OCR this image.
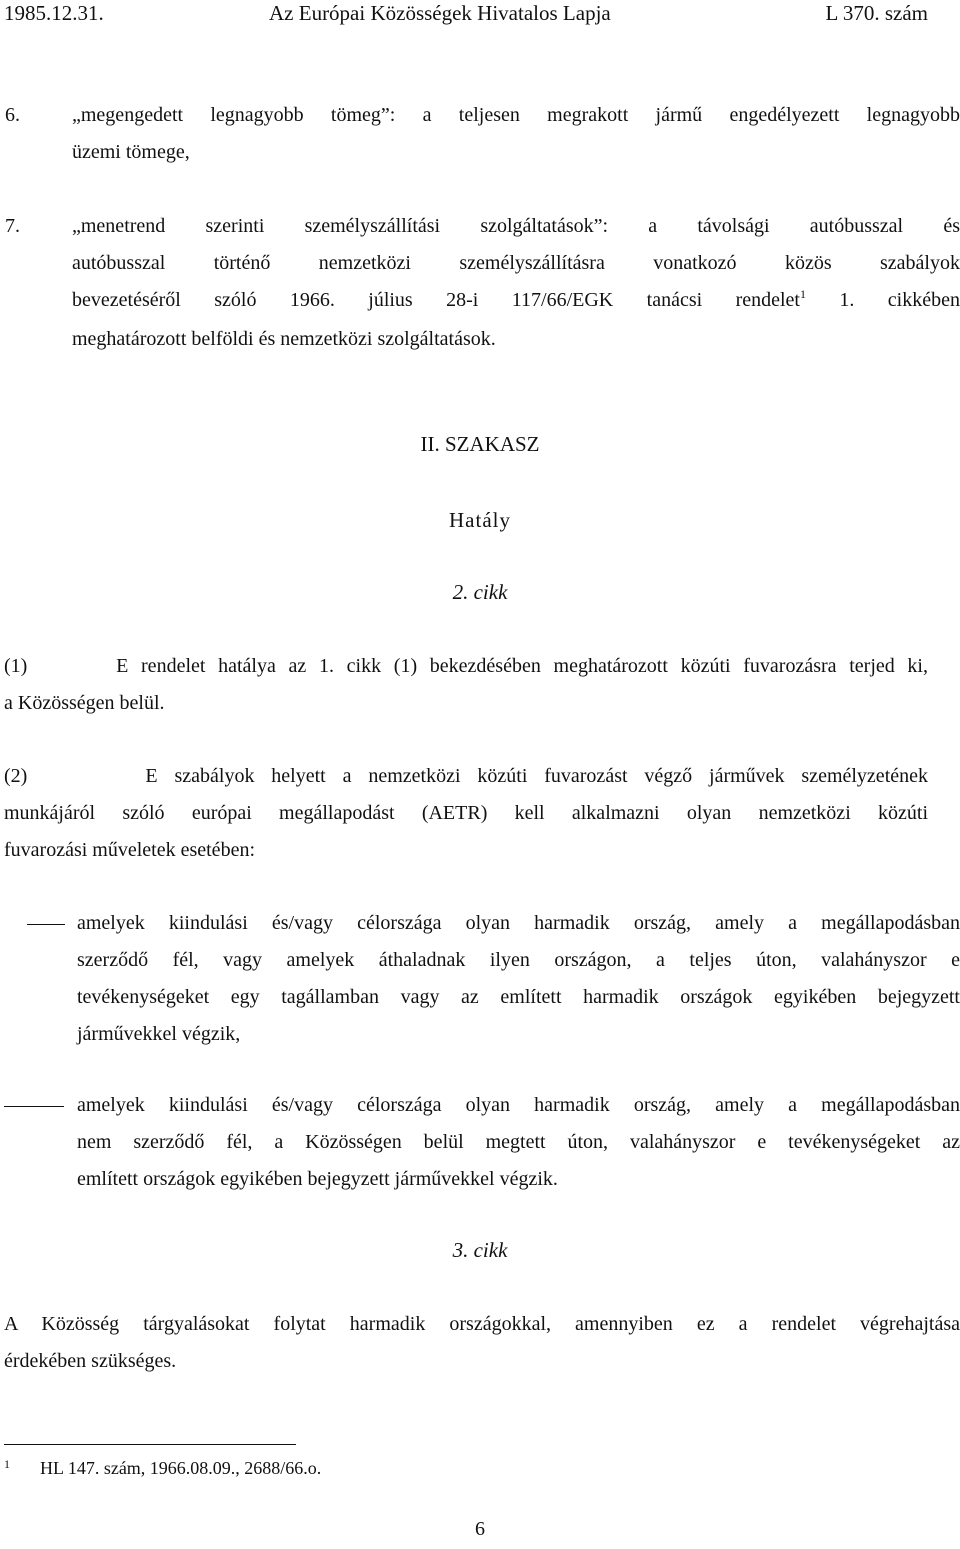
1985.12.31.	Az Európai Közösségek Hivatalos Lapja	L 370. szám
6.	„megengedett legnagyobb tömeg”: a teljesen megrakott jármű engedélyezett legnagyobb
üzemi tömege,
7.	„menetrend szerinti személyszállítási szolgáltatások”: a távolsági autóbusszal és
autóbusszal történő nemzetközi személyszállításra vonatkozó közös szabályok
bevezetéséről szóló 1966. július 28-i 117/66/EGK tanácsi rendelet$^1$ 1. cikkében
meghatározott belföldi és nemzetközi szolgáltatások.
II. SZAKASZ
Hatály
2. cikk
(1)	E rendelet hatálya az 1. cikk (1) bekezdésében meghatározott közúti fuvarozásra terjed ki,
a Közösségen belül.
(2)	E szabályok helyett a nemzetközi közúti fuvarozást végző járművek személyzetének
munkájáról szóló európai megállapodást (AETR) kell alkalmazni olyan nemzetközi közúti
fuvarozási műveletek esetében:
amelyek kiindulási és/vagy célországa olyan harmadik ország, amely a megállapodásban
szerződő fél, vagy amelyek áthaladnak ilyen országon, a teljes úton, valahányszor e
tevékenységeket egy tagállamban vagy az említett harmadik országok egyikében bejegyzett
járművekkel végzik,
amelyek kiindulási és/vagy célországa olyan harmadik ország, amely a megállapodásban
nem szerződő fél, a Közösségen belül megtett úton, valahányszor e tevékenységeket az
említett országok egyikében bejegyzett járművekkel végzik.
3. cikk
A Közösség tárgyalásokat folytat harmadik országokkal, amennyiben ez a rendelet végrehajtása
érdekében szükséges.
$^1$ HL 147. szám, 1966.08.09., 2688/66.o.
6
